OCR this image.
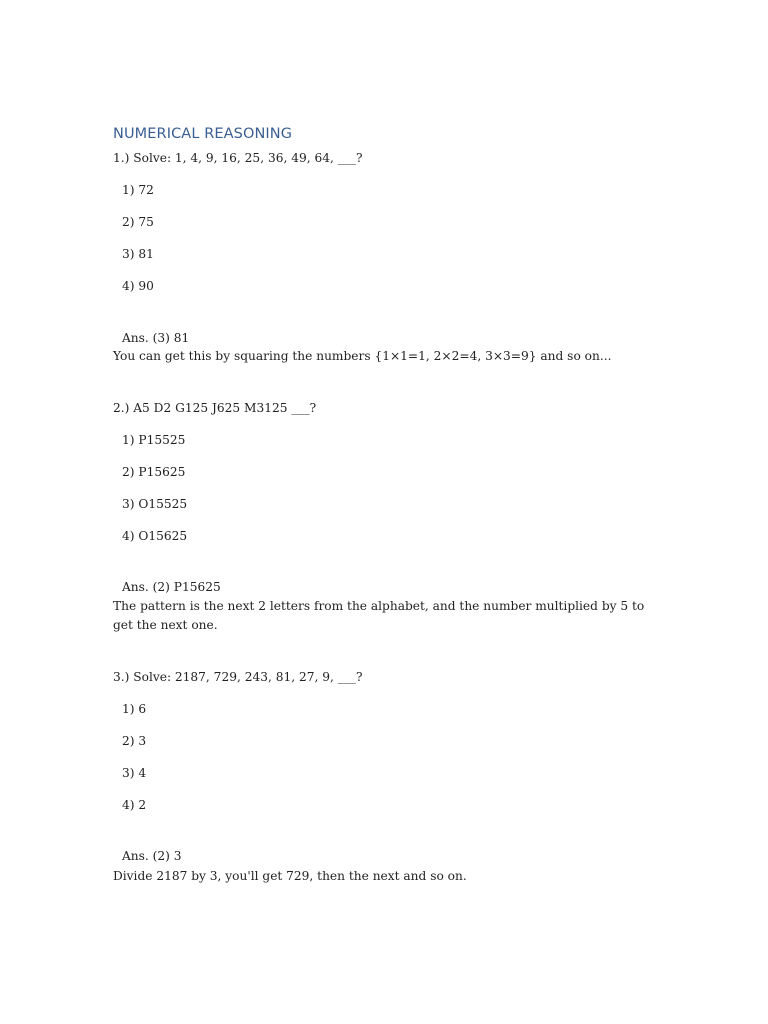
NUMERICAL REASONING
1.) Solve: 1, 4, 9, 16, 25, 36, 49, 64, ___?
1) 72
2) 75
3) 81
4) 90
Ans. (3) 81
You can get this by squaring the numbers {1×1=1, 2×2=4, 3×3=9} and so on...
2.) A5 D2 G125 J625 M3125 ___?
1) P15525
2) P15625
3) O15525
4) O15625
Ans. (2) P15625
The pattern is the next 2 letters from the alphabet, and the number multiplied by 5 to get the next one.
3.) Solve: 2187, 729, 243, 81, 27, 9, ___?
1) 6
2) 3
3) 4
4) 2
Ans. (2) 3
Divide 2187 by 3, you'll get 729, then the next and so on.
